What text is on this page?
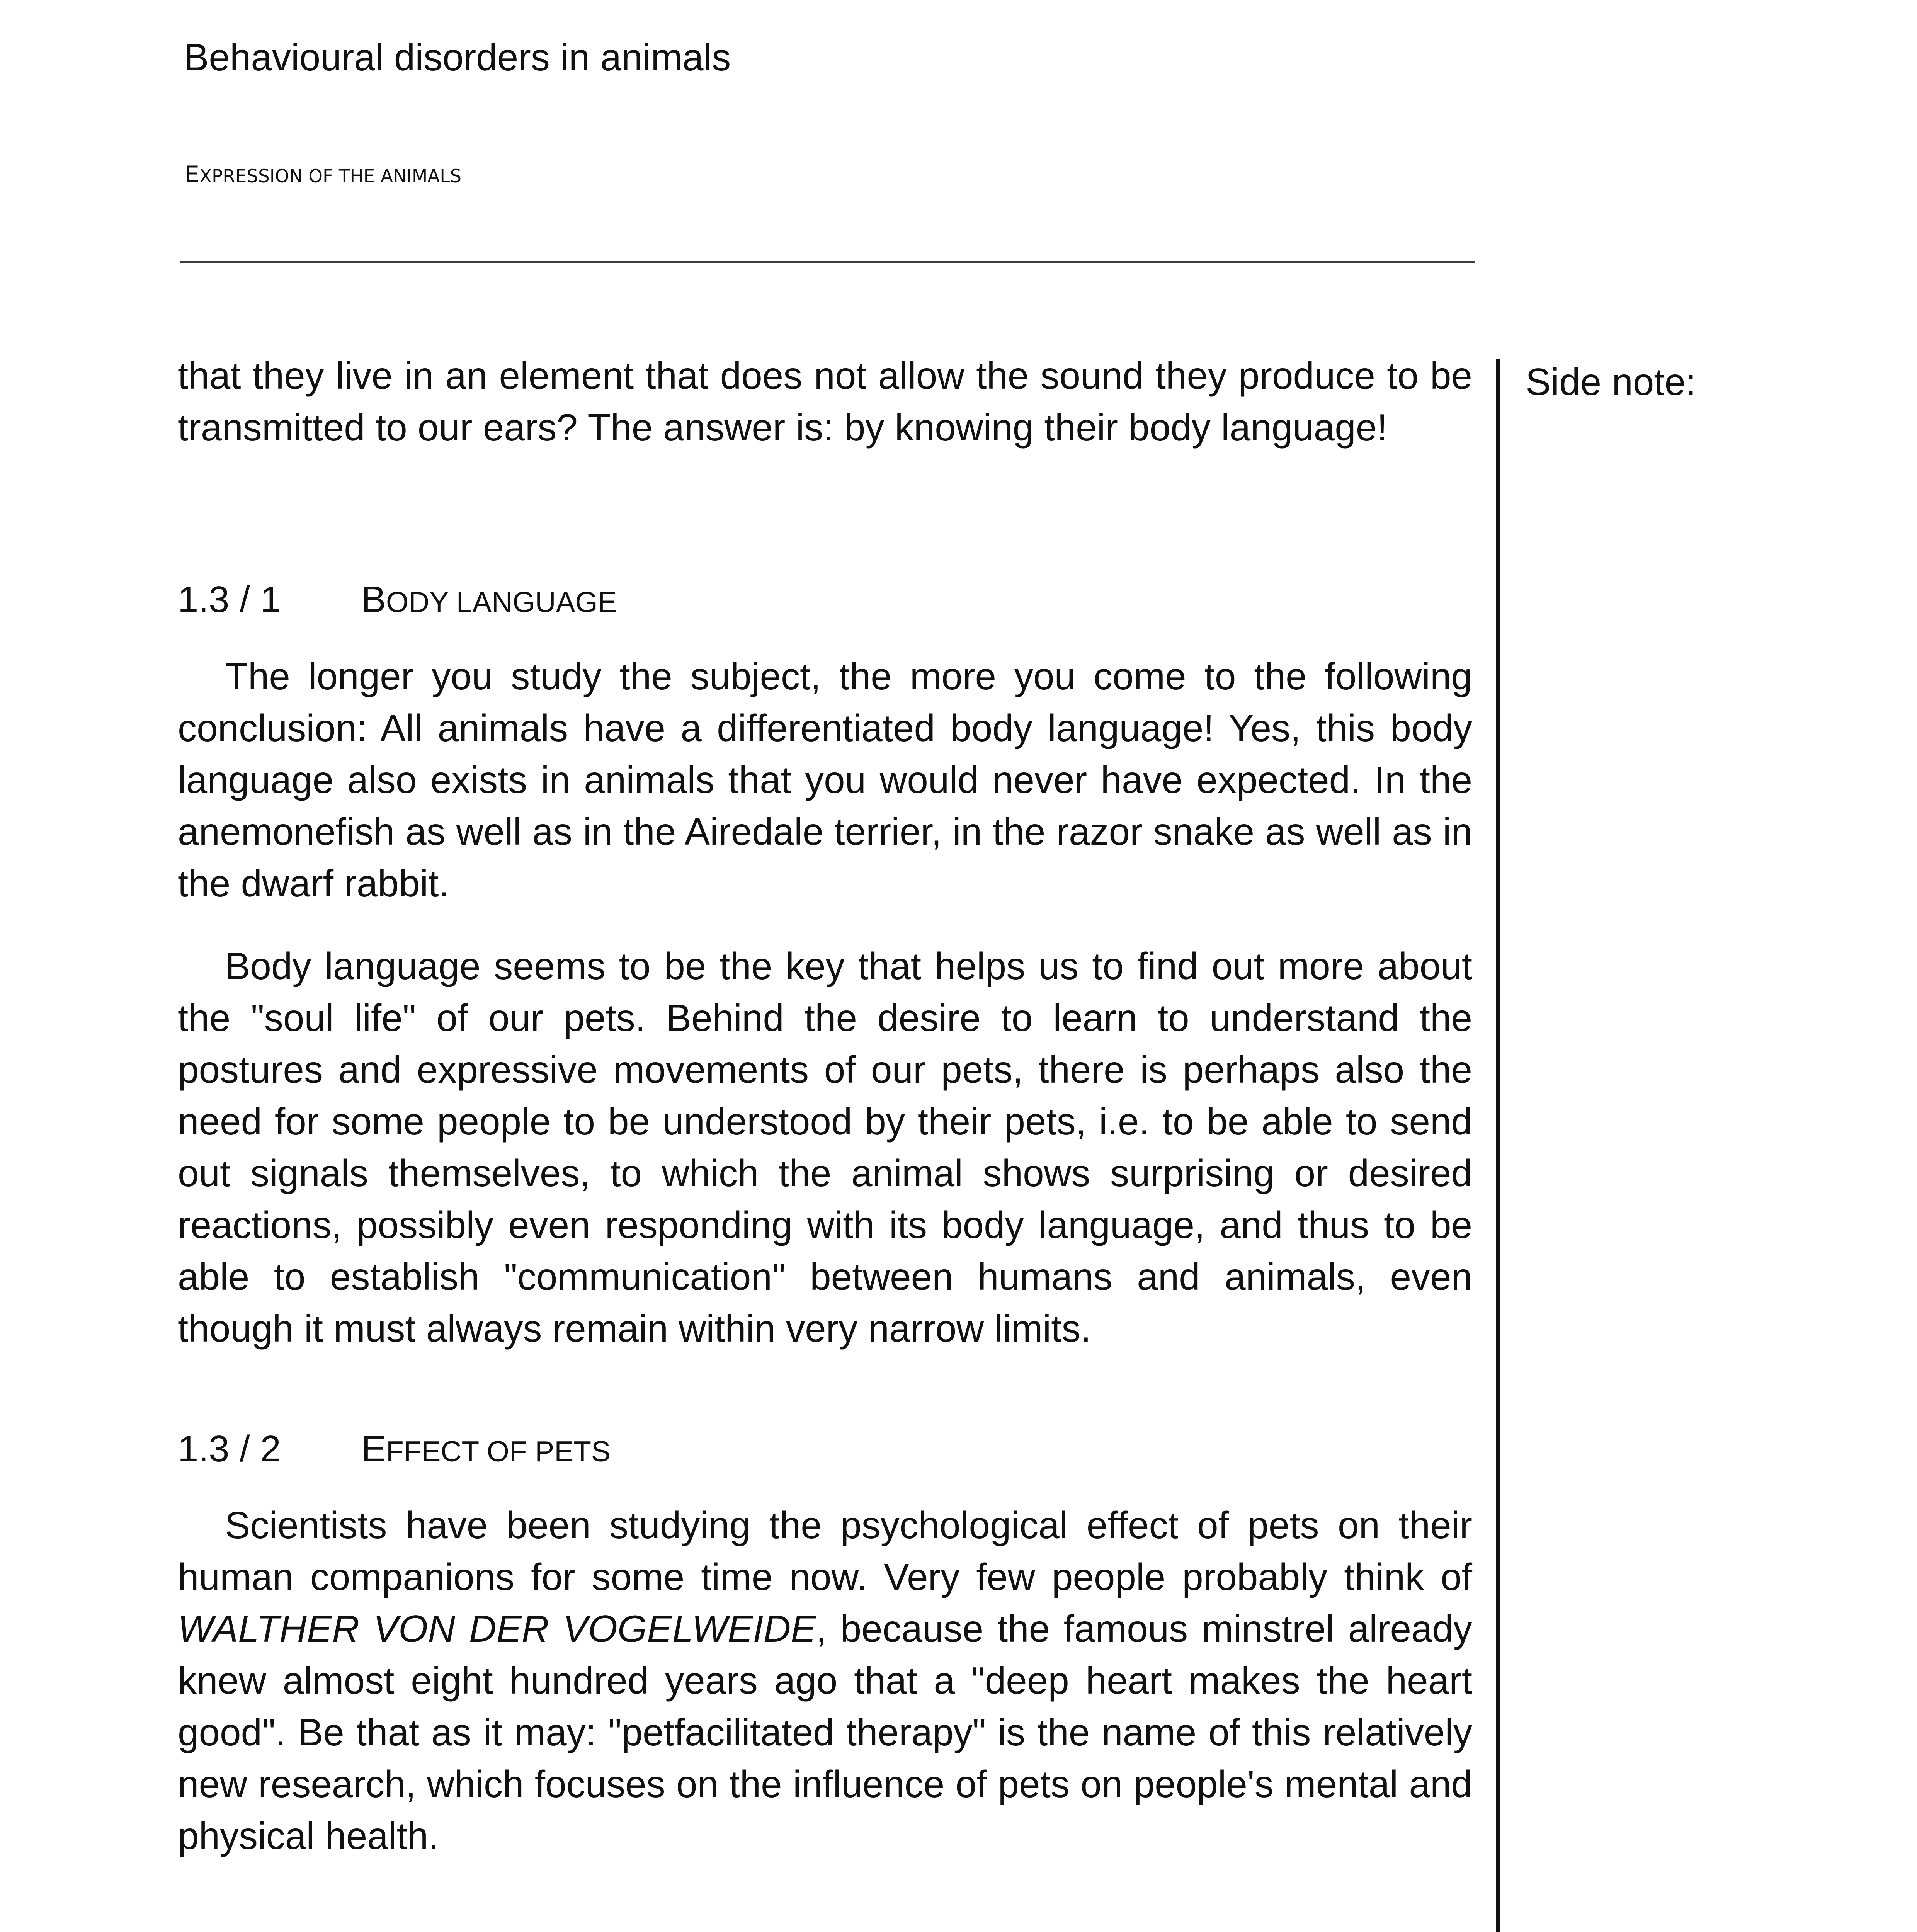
Behavioural disorders in animals
EXPRESSION OF THE ANIMALS
Side note:

that they live in an element that does not allow the sound they produce to be transmitted to our ears? The answer is: by knowing their body language!

1.3 / 1 BODY LANGUAGE

The longer you study the subject, the more you come to the following conclusion: All animals have a differentiated body language! Yes, this body language also exists in animals that you would never have expected. In the anemonefish as well as in the Airedale terrier, in the razor snake as well as in the dwarf rabbit.

Body language seems to be the key that helps us to find out more about the "soul life" of our pets. Behind the desire to learn to understand the postures and expressive movements of our pets, there is perhaps also the need for some people to be understood by their pets, i.e. to be able to send out signals themselves, to which the animal shows surprising or desired reactions, possibly even responding with its body language, and thus to be able to establish "communication" between humans and animals, even though it must always remain within very narrow limits.

1.3 / 2 EFFECT OF PETS

Scientists have been studying the psychological effect of pets on their human companions for some time now. Very few people probably think of WALTHER VON DER VOGELWEIDE, because the famous minstrel already knew almost eight hundred years ago that a "deep heart makes the heart good". Be that as it may: "petfacilitated therapy" is the name of this relatively new research, which focuses on the influence of pets on people's mental and physical health.
